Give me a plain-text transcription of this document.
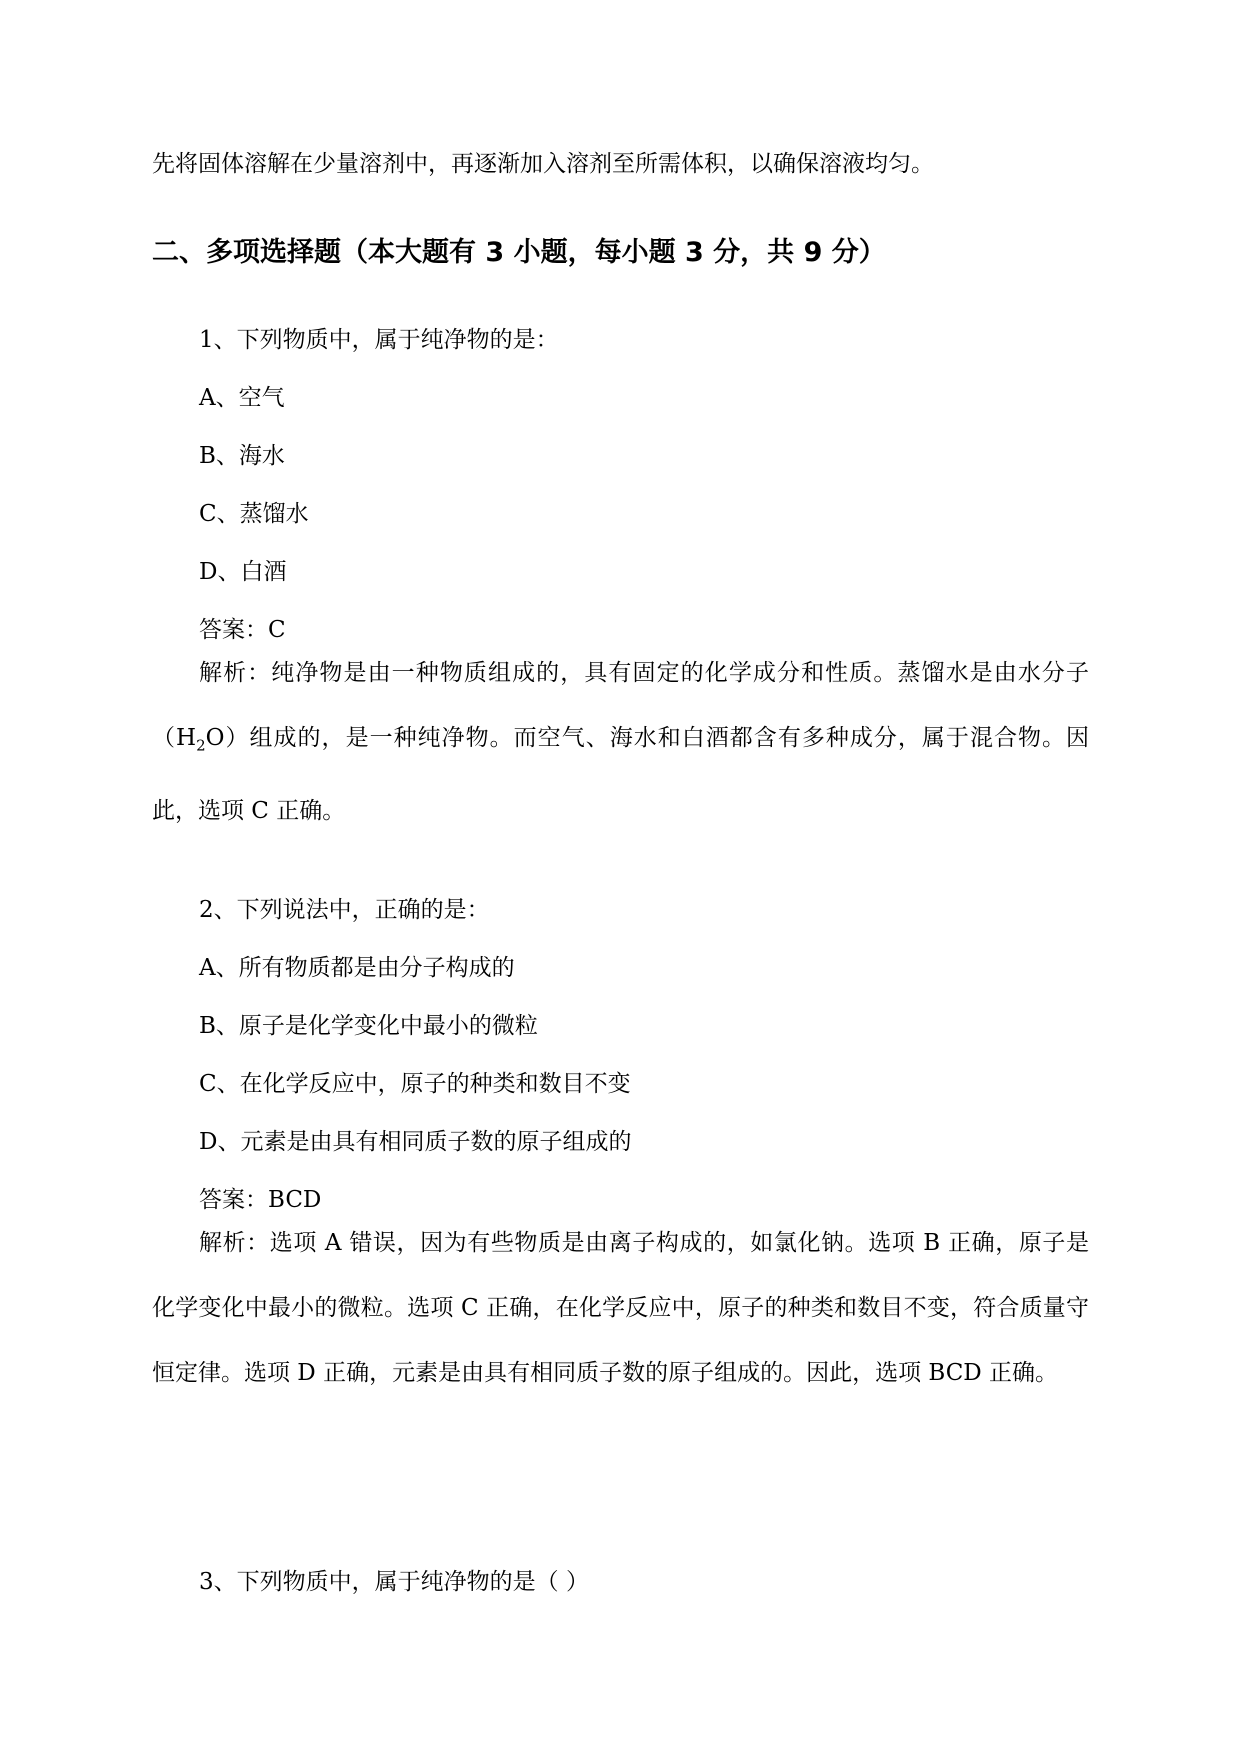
先将固体溶解在少量溶剂中，再逐渐加入溶剂至所需体积，以确保溶液均匀。

二、多项选择题（本大题有 3 小题，每小题 3 分，共 9 分）

1、下列物质中，属于纯净物的是：

A、空气

B、海水

C、蒸馏水

D、白酒

答案：C

解析：纯净物是由一种物质组成的，具有固定的化学成分和性质。蒸馏水是由水分子$(H_2O)$组成的，是一种纯净物。而空气、海水和白酒都含有多种成分，属于混合物。因此，选项 C 正确。

2、下列说法中，正确的是：

A、所有物质都是由分子构成的

B、原子是化学变化中最小的微粒

C、在化学反应中，原子的种类和数目不变

D、元素是由具有相同质子数的原子组成的

答案：BCD

解析：选项 A 错误，因为有些物质是由离子构成的，如氯化钠。选项 B 正确，原子是化学变化中最小的微粒。选项 C 正确，在化学反应中，原子的种类和数目不变，符合质量守恒定律。选项 D 正确，元素是由具有相同质子数的原子组成的。因此，选项 BCD 正确。

3、下列物质中，属于纯净物的是（ ）
